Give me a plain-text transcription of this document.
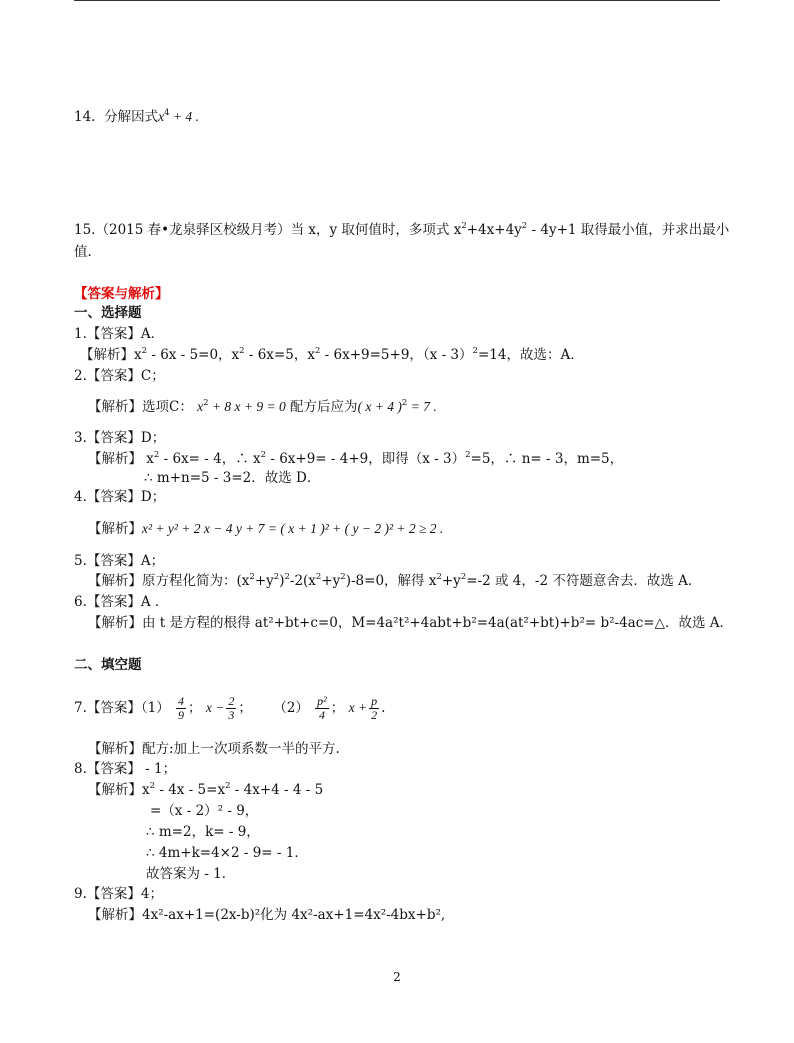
14. 分解因式$x^4 + 4$ .
15.（2015 春•龙泉驿区校级月考）当 x，y 取何值时，多项式 $x^2+4x+4y^2 - 4y+1$ 取得最小值，并求出最小
值.
【答案与解析】
一、选择题
1.【答案】A．
【解析】$x^2 - 6x - 5=0$，$x^2 - 6x=5$，$x^2 - 6x+9=5+9$，（x - 3）$^2$=14，故选：A．
2.【答案】C；
【解析】选项C： $x^2 + 8$ x + 9 = 0 配方后应为( x + 4 )$^2$ = 7 .
3.【答案】D；
【解析】 $x^2 - 6x= - 4$，∴ $x^2 - 6x+9= - 4+9$，即得（x - 3）$^2$=5，∴ n= - 3，m=5，
∴ m+n=5 - 3=2．故选 D．
4.【答案】D；
【解析】x² + y² + 2 x − 4 y + 7 = ( x + 1 )² + ( y − 2 )² + 2 ≥ 2 .
5.【答案】A；
【解析】原方程化简为：$(x^2+y^2)^2-2(x^2+y^2)-8=0$，解得 $x^2+y^2=-2$ 或 4，-2 不符题意舍去．故选 A．
6.【答案】A ．
【解析】由 t 是方程的根得 at²+bt+c=0，M=4a²t²+4abt+b²=4a(at²+bt)+b²= b²-4ac=△．故选 A．
二、填空题
7.【答案】$(1) \frac{4}{9}$ ； $x - \frac{2}{3}$ ； $(2) \frac{\text{p²}}{4}$ ； $x + \frac{p}{2}$ .
【解析】配方:加上一次项系数一半的平方.
8.【答案】 - 1；
【解析】$x^2 - 4x - 5=x^2 - 4x+4 - 4 - 5$
=（x - 2）² - 9，
∴ m=2，k= - 9，
∴ 4m+k=4×2 - 9= - 1．
故答案为 - 1．
9.【答案】4；
【解析】4x²-ax+1=(2x-b)²化为 4x²-ax+1=4x²-4bx+b²,
2
